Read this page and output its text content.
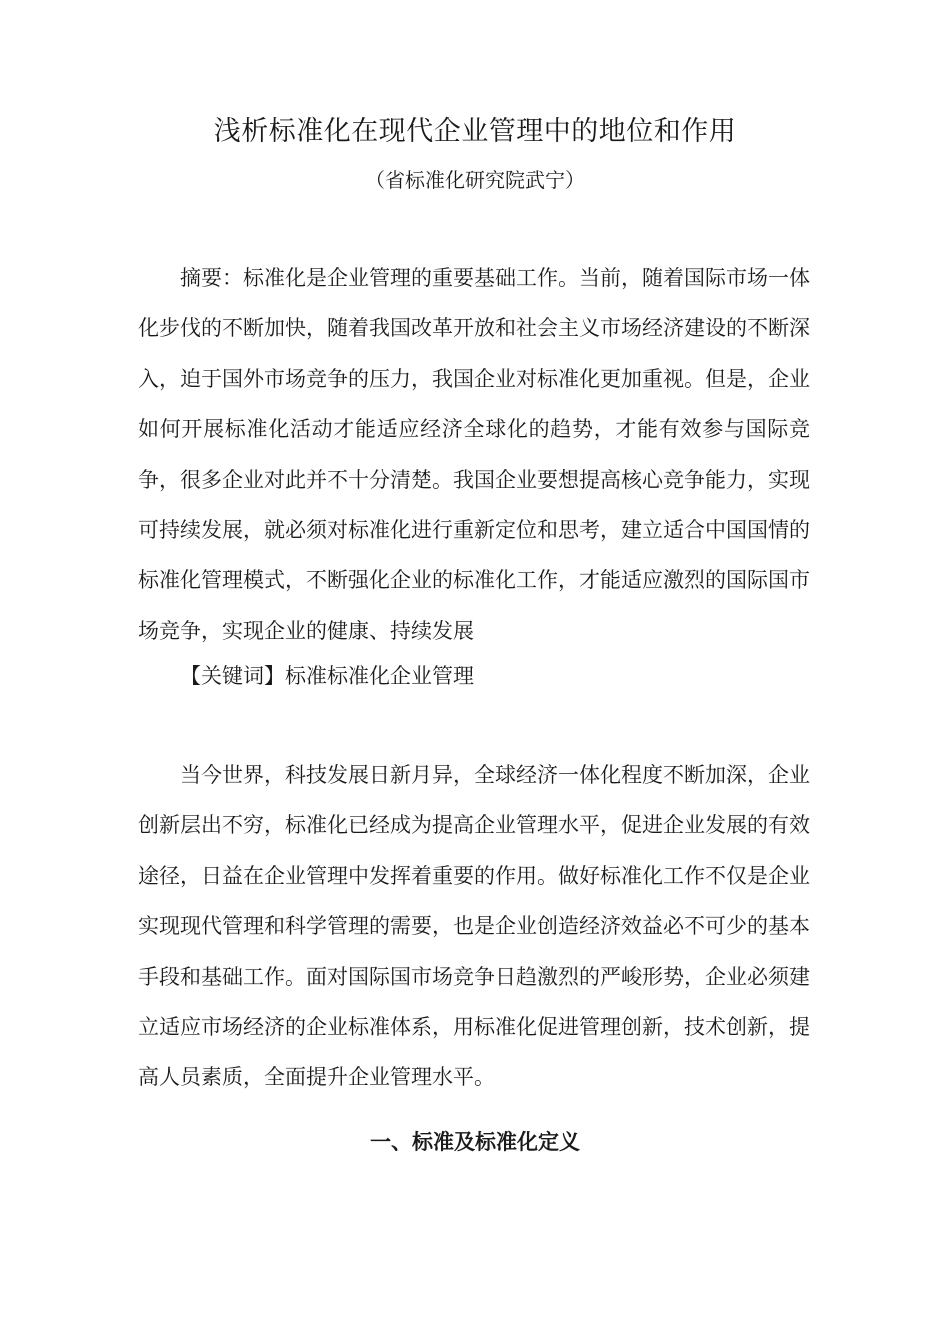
浅析标准化在现代企业管理中的地位和作用

（省标准化研究院武宁）

摘要：标准化是企业管理的重要基础工作。当前，随着国际市场一体化步伐的不断加快，随着我国改革开放和社会主义市场经济建设的不断深入，迫于国外市场竞争的压力，我国企业对标准化更加重视。但是，企业如何开展标准化活动才能适应经济全球化的趋势，才能有效参与国际竞争，很多企业对此并不十分清楚。我国企业要想提高核心竞争能力，实现可持续发展，就必须对标准化进行重新定位和思考，建立适合中国国情的标准化管理模式，不断强化企业的标准化工作，才能适应激烈的国际国市场竞争，实现企业的健康、持续发展

【关键词】标准标准化企业管理

当今世界，科技发展日新月异，全球经济一体化程度不断加深，企业创新层出不穷，标准化已经成为提高企业管理水平，促进企业发展的有效途径，日益在企业管理中发挥着重要的作用。做好标准化工作不仅是企业实现现代管理和科学管理的需要，也是企业创造经济效益必不可少的基本手段和基础工作。面对国际国市场竞争日趋激烈的严峻形势，企业必须建立适应市场经济的企业标准体系，用标准化促进管理创新，技术创新，提高人员素质，全面提升企业管理水平。

一、标准及标准化定义
